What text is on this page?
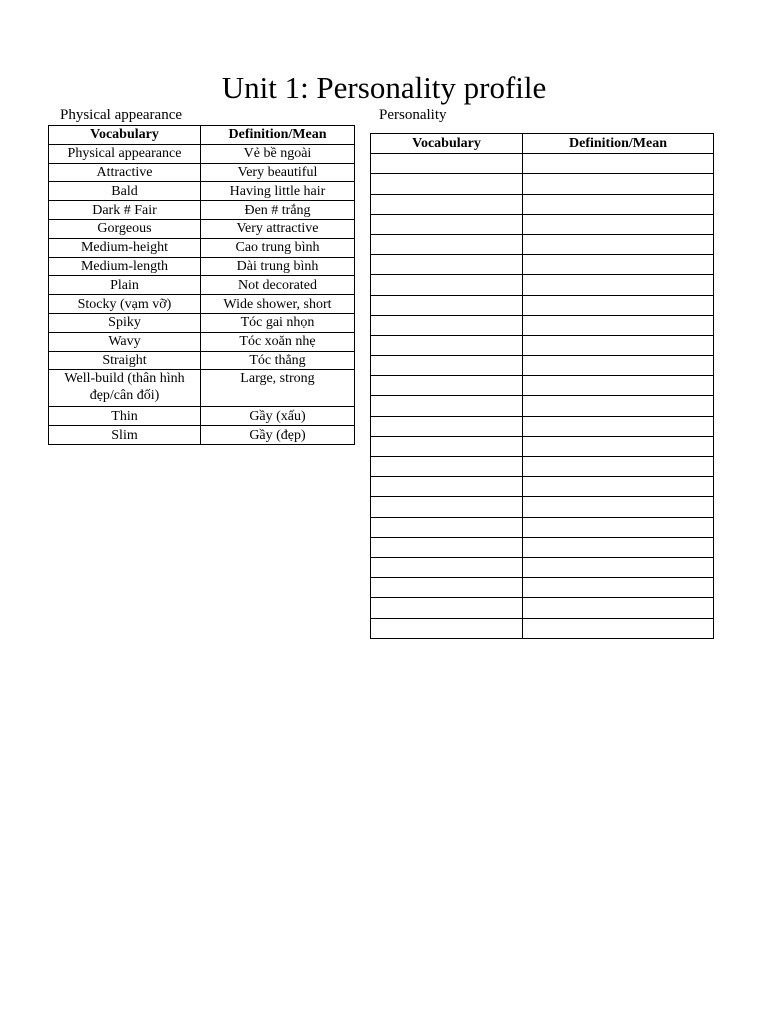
Unit 1: Personality profile
Physical appearance	Personality
Vocabulary	Definition/Mean
Physical appearance	Vẻ bề ngoài
Attractive	Very beautiful
Bald	Having little hair
Dark # Fair	Đen # trắng
Gorgeous	Very attractive
Medium-height	Cao trung bình
Medium-length	Dài trung bình
Plain	Not decorated
Stocky (vạm vỡ)	Wide shower, short
Spiky	Tóc gai nhọn
Wavy	Tóc xoăn nhẹ
Straight	Tóc thẳng
Well-build (thân hình đẹp/cân đối)	Large, strong
Thin	Gầy (xấu)
Slim	Gầy (đẹp)
Vocabulary	Definition/Mean
